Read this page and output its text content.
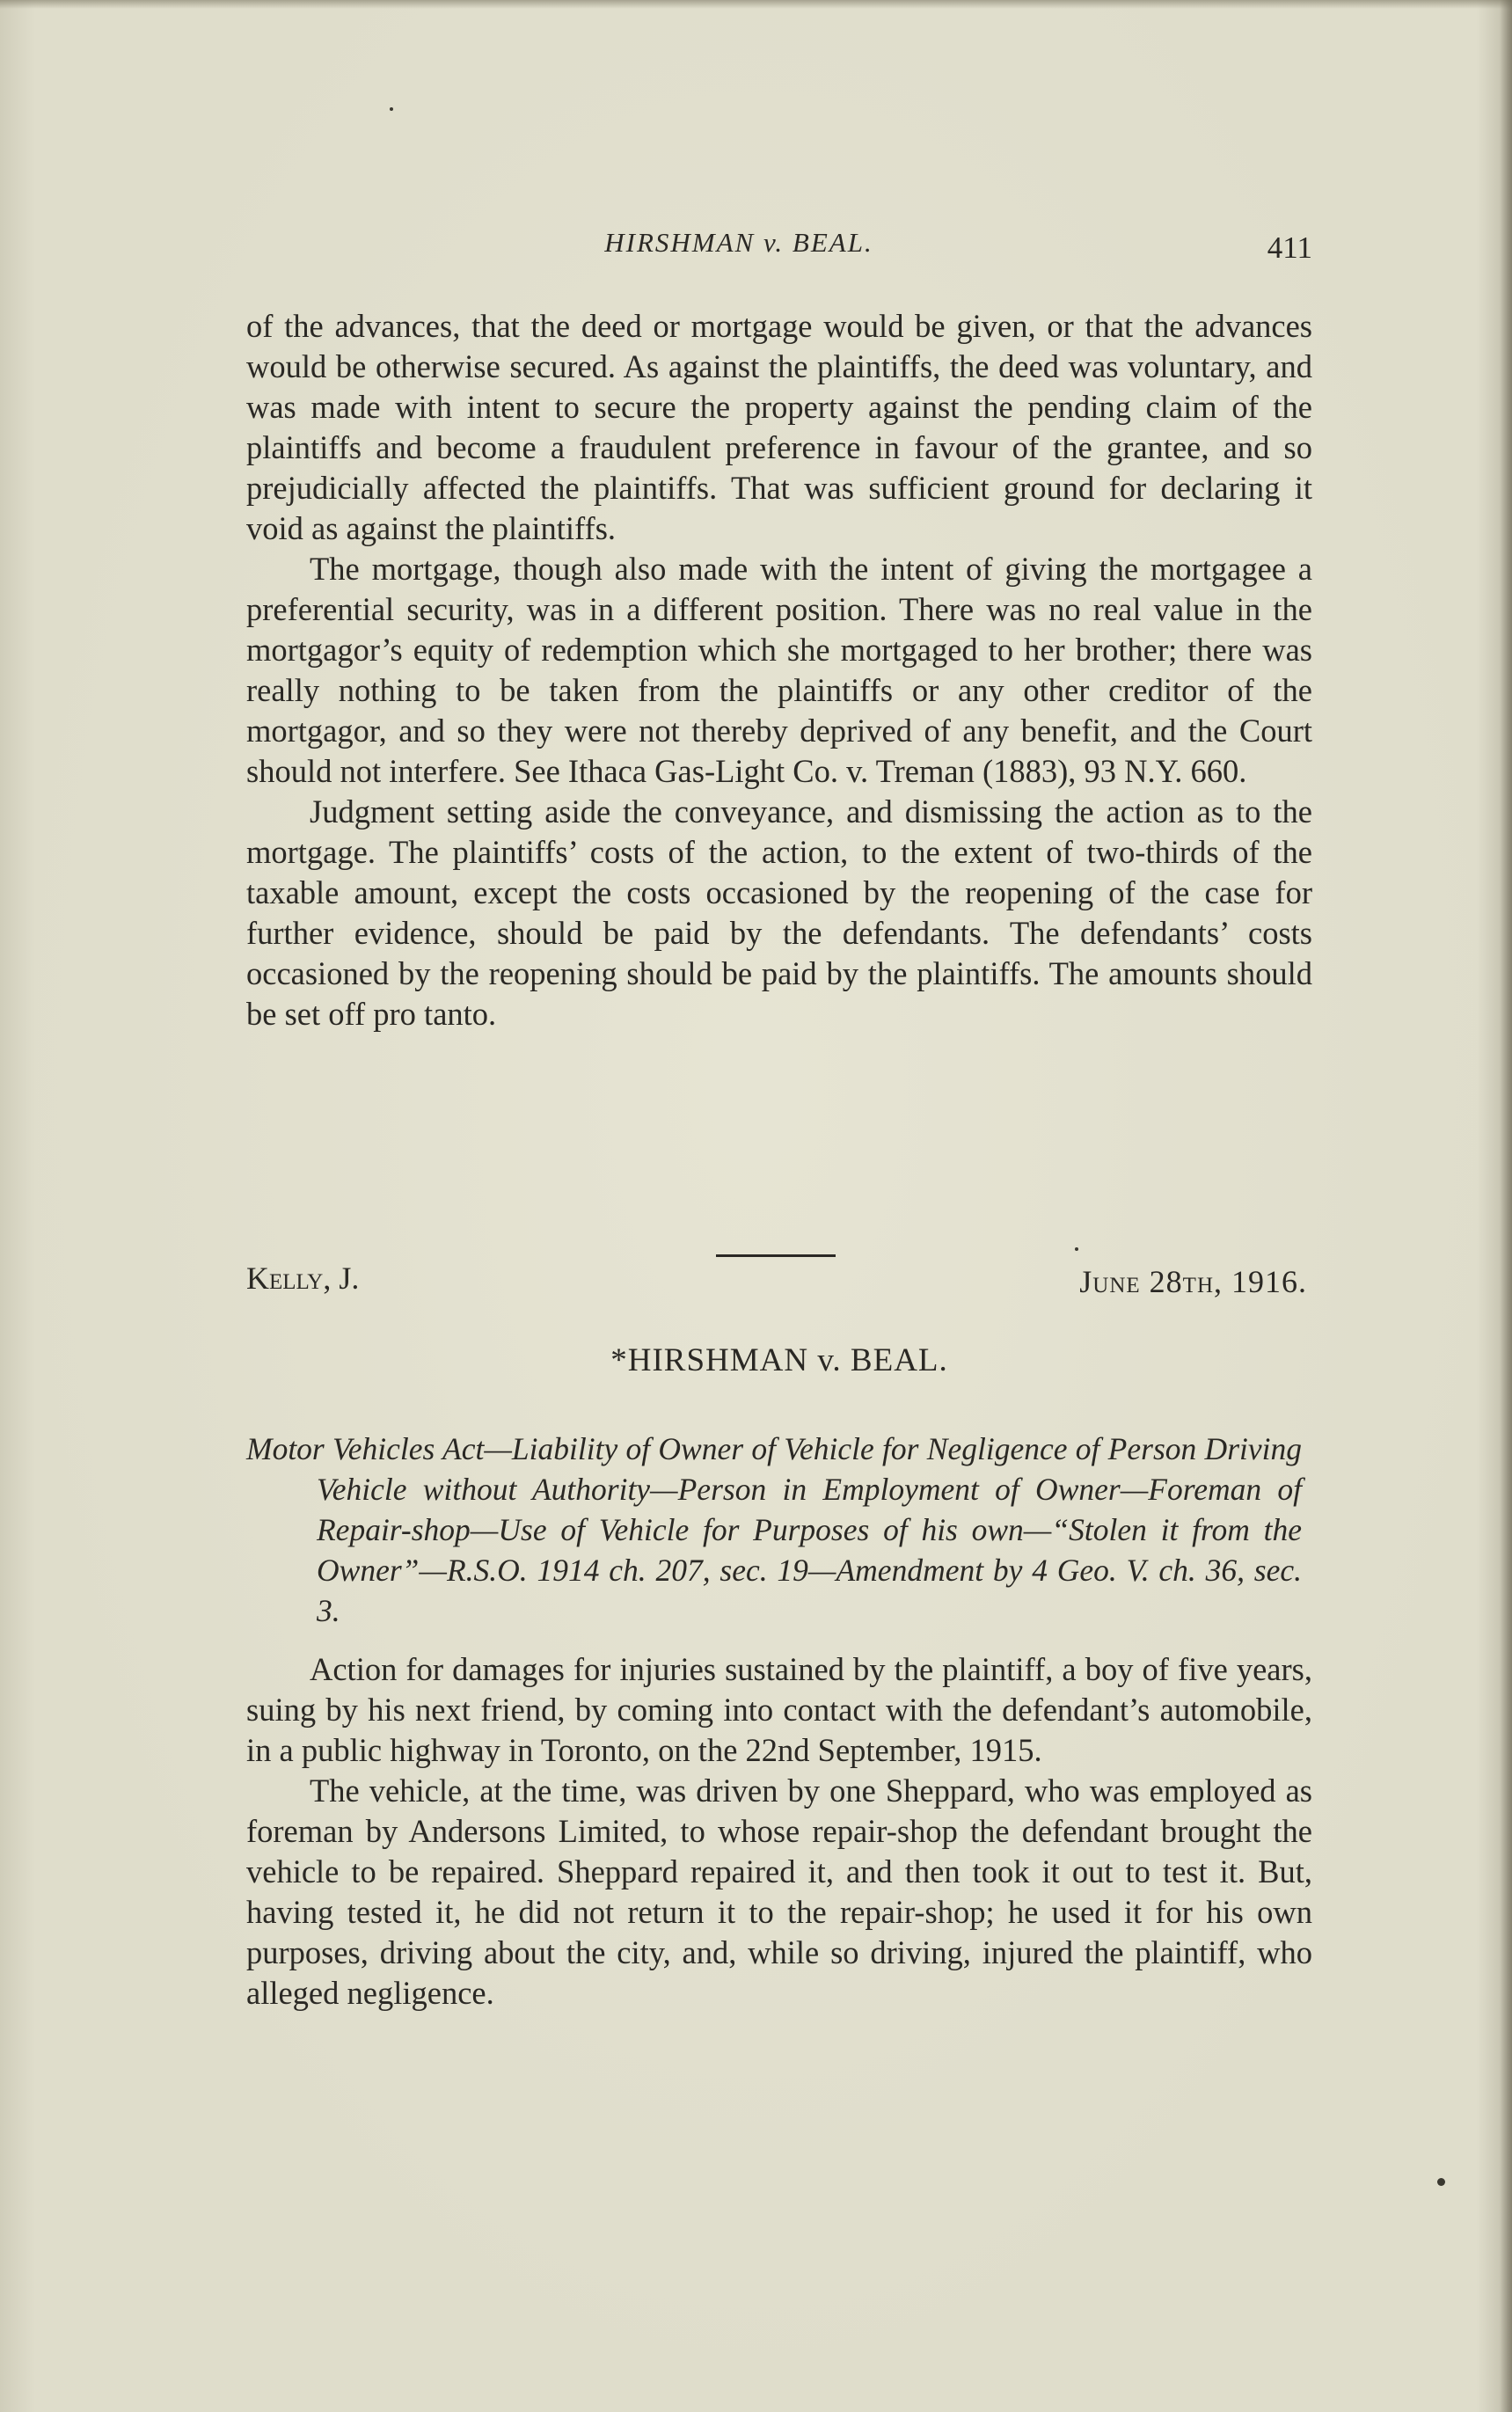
HIRSHMAN v. BEAL.	411

of the advances, that the deed or mortgage would be given, or that the advances would be otherwise secured. As against the plaintiffs, the deed was voluntary, and was made with intent to secure the property against the pending claim of the plaintiffs and become a fraudulent preference in favour of the grantee, and so prejudicially affected the plaintiffs. That was sufficient ground for declaring it void as against the plaintiffs.

The mortgage, though also made with the intent of giving the mortgagee a preferential security, was in a different position. There was no real value in the mortgagor’s equity of redemption which she mortgaged to her brother; there was really nothing to be taken from the plaintiffs or any other creditor of the mortgagor, and so they were not thereby deprived of any benefit, and the Court should not interfere. See Ithaca Gas-Light Co. v. Treman (1883), 93 N.Y. 660.

Judgment setting aside the conveyance, and dismissing the action as to the mortgage. The plaintiffs’ costs of the action, to the extent of two-thirds of the taxable amount, except the costs occasioned by the reopening of the case for further evidence, should be paid by the defendants. The defendants’ costs occasioned by the reopening should be paid by the plaintiffs. The amounts should be set off pro tanto.

Kelly, J.	June 28th, 1916.
*HIRSHMAN v. BEAL.
Motor Vehicles Act—Liability of Owner of Vehicle for Negligence of Person Driving Vehicle without Authority—Person in Employment of Owner—Foreman of Repair-shop—Use of Vehicle for Purposes of his own—“Stolen it from the Owner”—R.S.O. 1914 ch. 207, sec. 19—Amendment by 4 Geo. V. ch. 36, sec. 3.

Action for damages for injuries sustained by the plaintiff, a boy of five years, suing by his next friend, by coming into contact with the defendant’s automobile, in a public highway in Toronto, on the 22nd September, 1915.

The vehicle, at the time, was driven by one Sheppard, who was employed as foreman by Andersons Limited, to whose repair-shop the defendant brought the vehicle to be repaired. Sheppard repaired it, and then took it out to test it. But, having tested it, he did not return it to the repair-shop; he used it for his own purposes, driving about the city, and, while so driving, injured the plaintiff, who alleged negligence.
